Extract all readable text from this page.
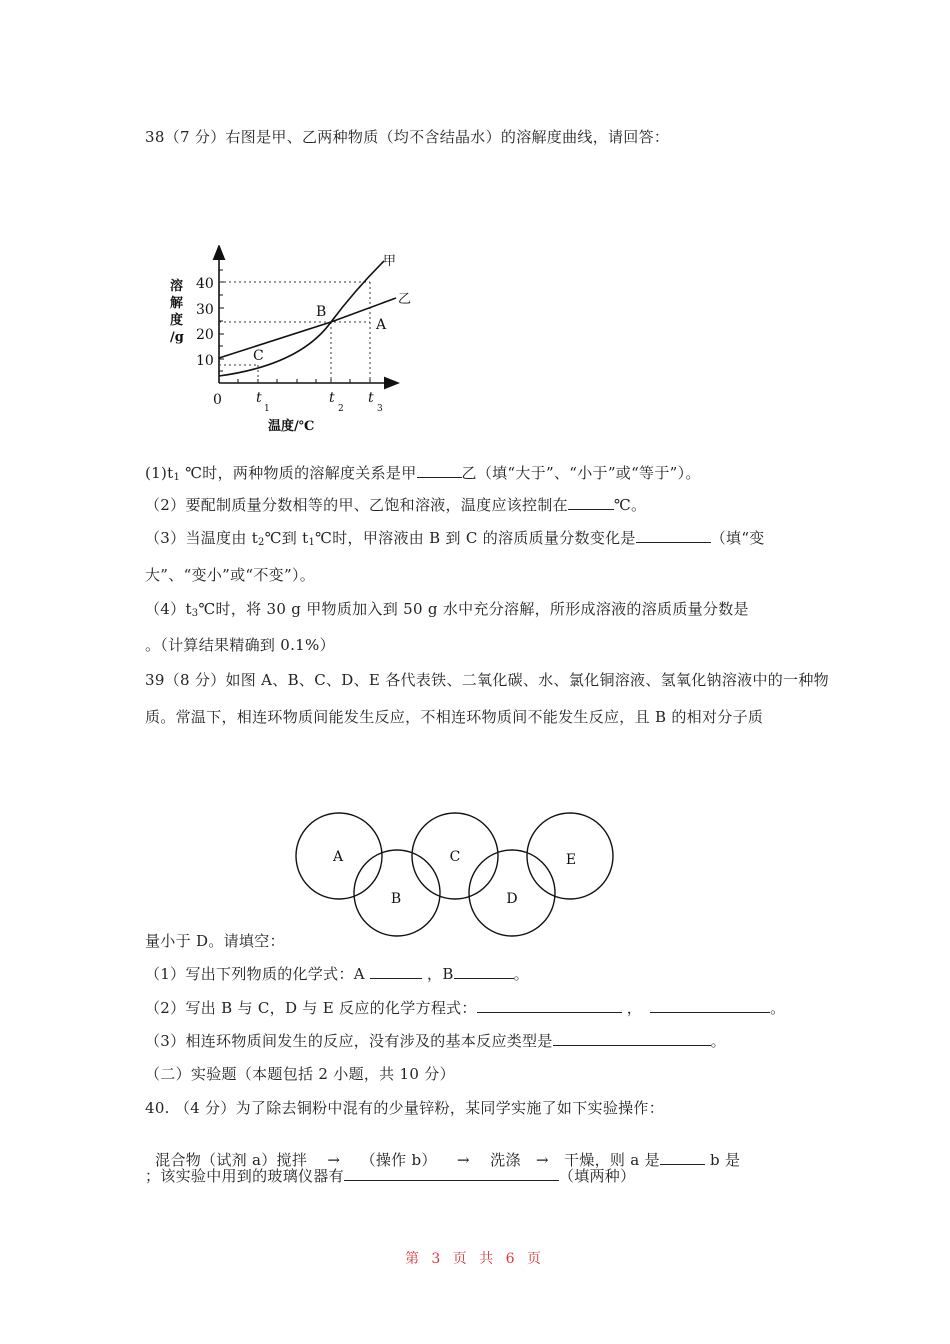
38（7 分）右图是甲、乙两种物质（均不含结晶水）的溶解度曲线，请回答：
40
30
20
10
0 t
1
t
2
t
3
B
A
C
甲
乙
溶
解
度
/g
温度/℃
$(1)t_1$ ℃时，两种物质的溶解度关系是甲	乙（填“大于”、“小于”或“等于”）。
（2）要配制质量分数相等的甲、乙饱和溶液，温度应该控制在	℃。
（3）当温度由 $t_2℃$到 $t_1℃$时，甲溶液由 B 到 C 的溶质质量分数变化是	（填“变
大”、“变小”或“不变”）。
$(4)t_3℃$时，将 30 g 甲物质加入到 50 g 水中充分溶解，所形成溶液的溶质质量分数是
。（计算结果精确到 0.1%）
39（8 分）如图 A、B、C、D、E 各代表铁、二氧化碳、水、氯化铜溶液、氢氧化钠溶液中的一种物
质。常温下，相连环物质间能发生反应，不相连环物质间不能发生反应，且 B 的相对分子质
A
B
C
D
E
量小于 D。请填空：
（1）写出下列物质的化学式：A	，B	。
（2）写出 B 与 C，D 与 E 反应的化学方程式：	，	。
（3）相连环物质间发生的反应，没有涉及的基本反应类型是	。
（二）实验题（本题包括 2 小题，共 10 分）
40. （4 分）为了除去铜粉中混有的少量锌粉，某同学实施了如下实验操作：

混合物（试剂 a）搅拌    →    （操作 b）    →    洗涤   →   干燥，则 a 是	b 是

；该实验中用到的玻璃仪器有	（填两种）
第 3 页 共 6 页
